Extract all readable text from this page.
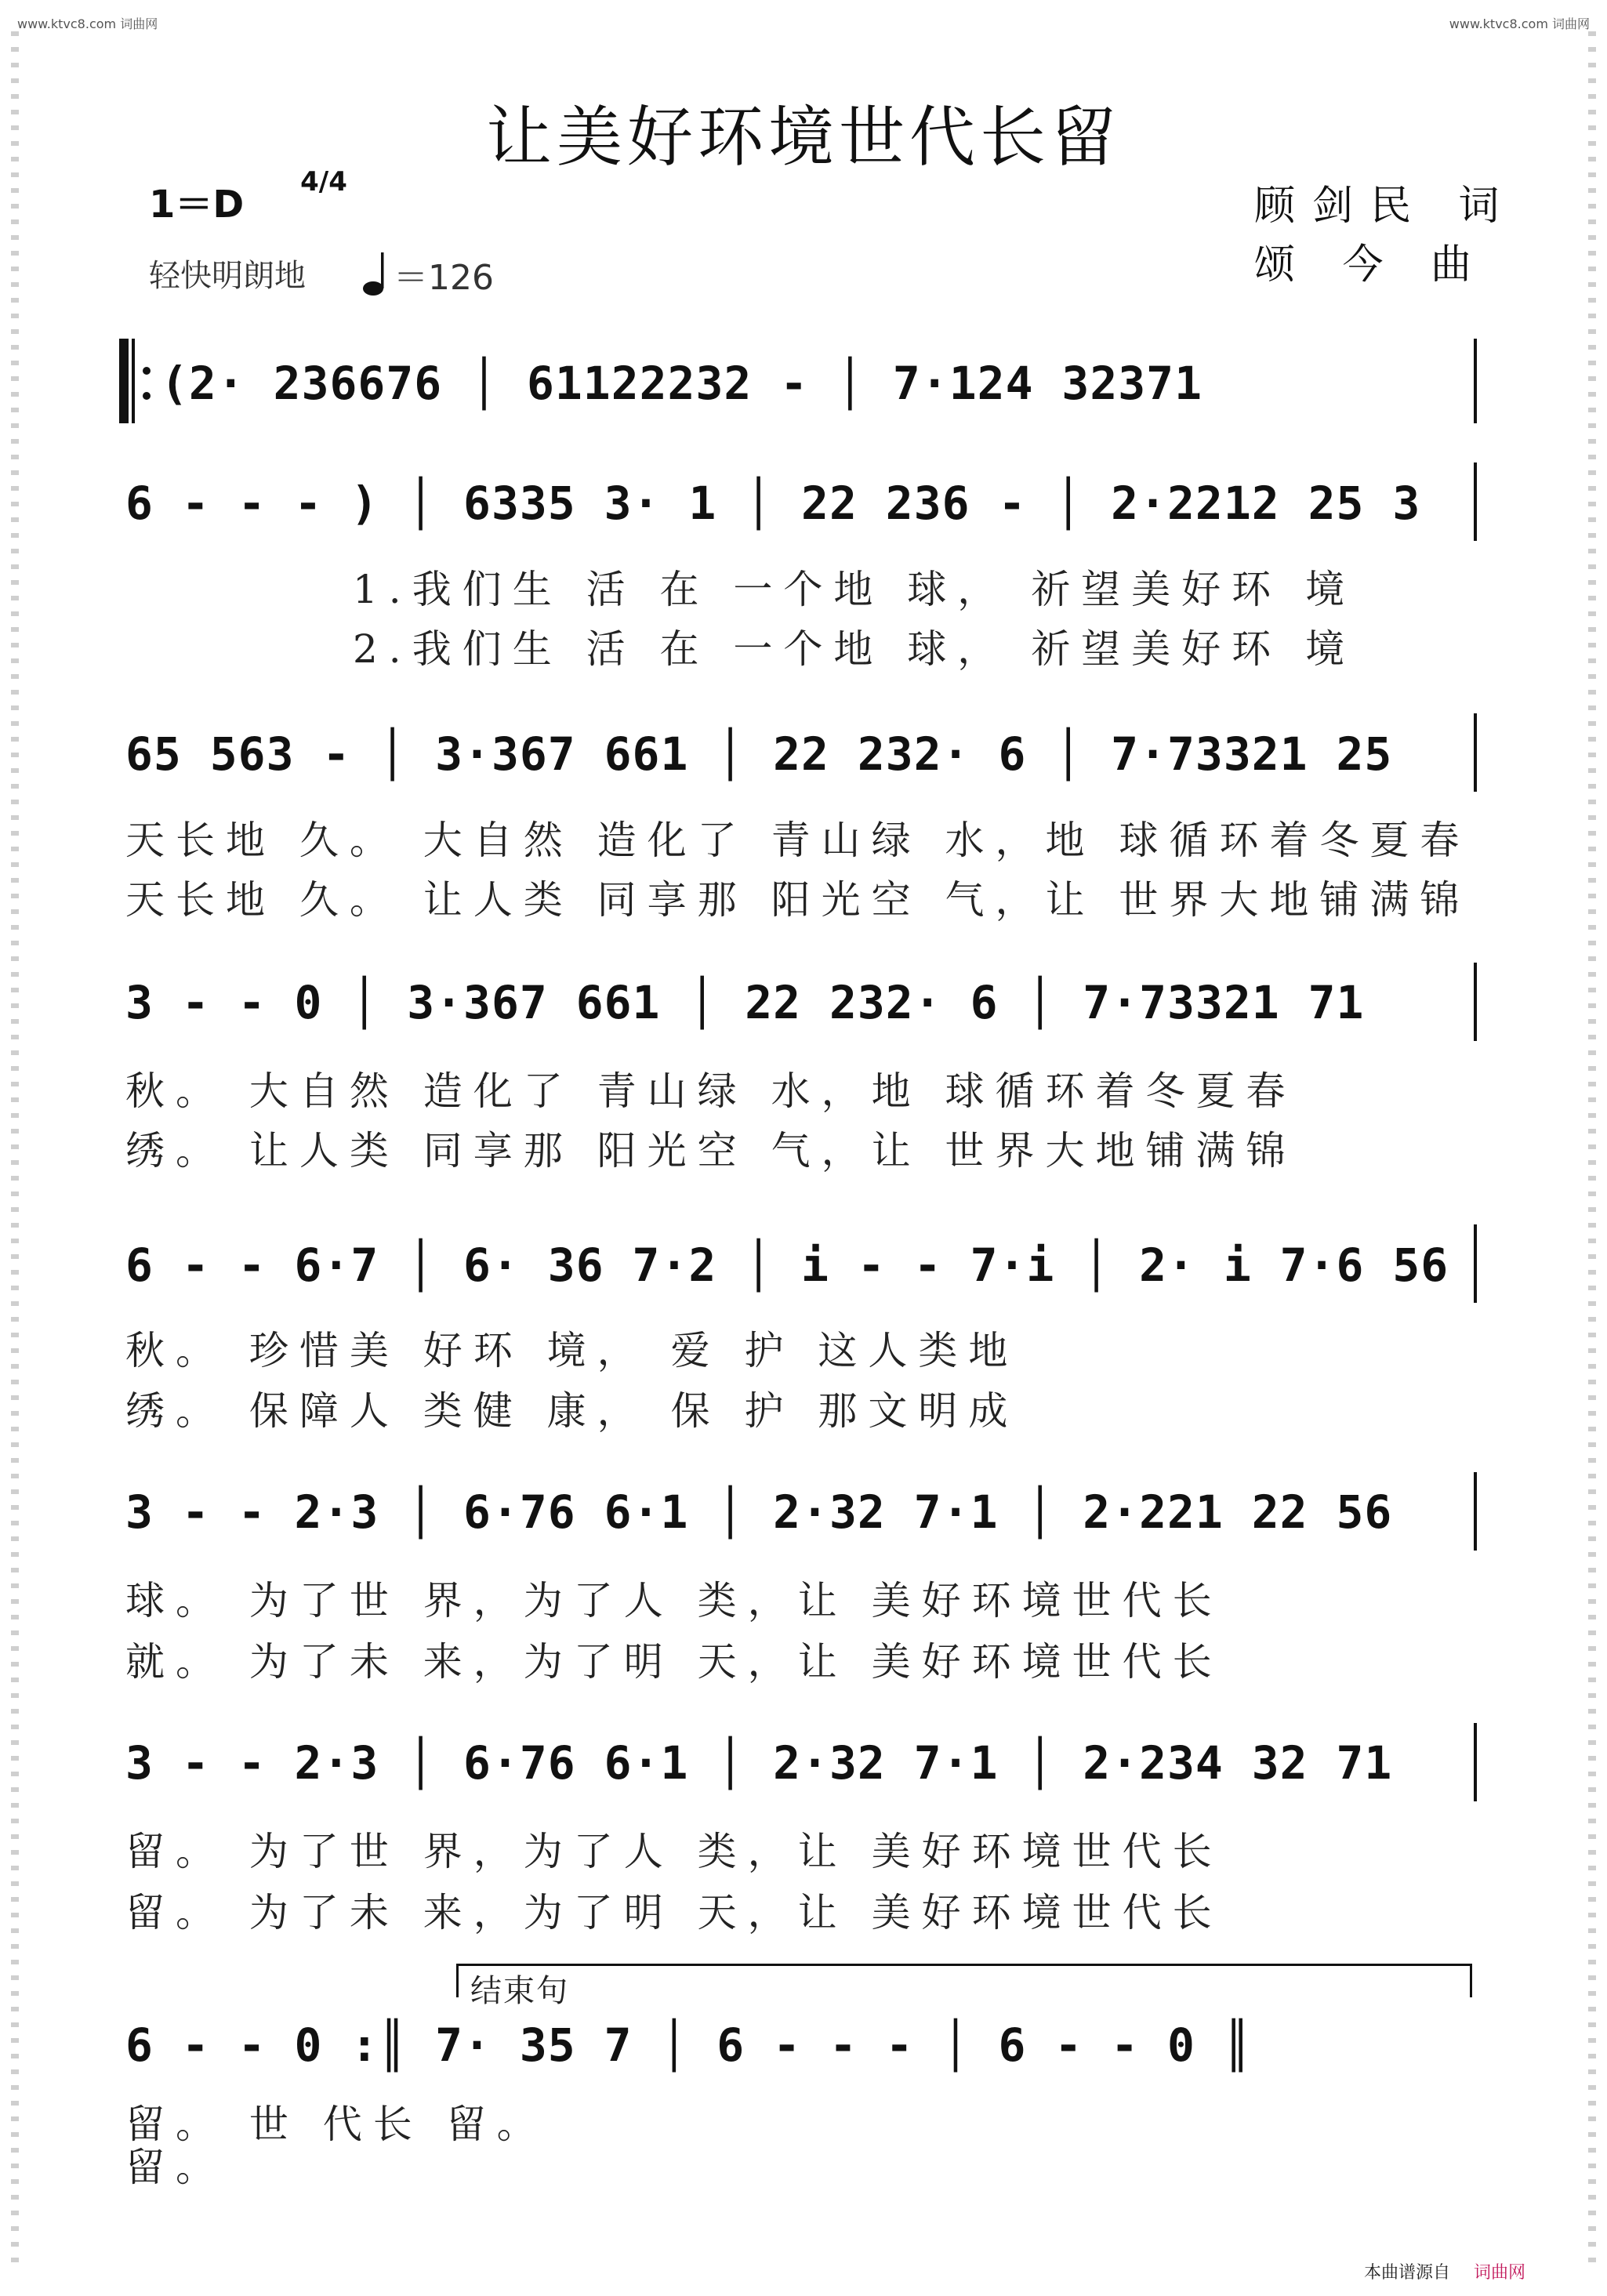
www.ktvc8.com 词曲网	www.ktvc8.com 词曲网
让美好环境世代长留
1＝D
4/4
轻快明朗地	＝126
顾剑民 词
颂 今 曲
(2· 236676 │ 61122232 - │ 7·124 32371
6 - - - ) │ 6335 3· 1 │ 22 236 - │ 2·2212 25 3
1.我们生 活 在 一个地 球， 祈望美好环 境
2.我们生 活 在 一个地 球， 祈望美好环 境
65 563 - │ 3·367 661 │ 22 232· 6 │ 7·73321 25
天长地 久。 大自然 造化了 青山绿 水，地 球循环着冬夏春
天长地 久。 让人类 同享那 阳光空 气，让 世界大地铺满锦
3 - - 0 │ 3·367 661 │ 22 232· 6 │ 7·73321 71
秋。 大自然 造化了 青山绿 水，地 球循环着冬夏春
绣。 让人类 同享那 阳光空 气，让 世界大地铺满锦
6 - - 6·7 │ 6· 36 7·2 │ i - - 7·i │ 2· i 7·6 56
秋。 珍惜美 好环 境， 爱 护 这人类地
绣。 保障人 类健 康， 保 护 那文明成
3 - - 2·3 │ 6·76 6·1 │ 2·32 7·1 │ 2·221 22 56
球。 为了世 界，为了人 类，让 美好环境世代长
就。 为了未 来，为了明 天，让 美好环境世代长
3 - - 2·3 │ 6·76 6·1 │ 2·32 7·1 │ 2·234 32 71
留。 为了世 界，为了人 类，让 美好环境世代长
留。 为了未 来，为了明 天，让 美好环境世代长
结束句
6 - - 0 :║ 7· 35 7 │ 6 - - - │ 6 - - 0 ║
留。 世 代长 留。
留。
本曲谱源自 词曲网
